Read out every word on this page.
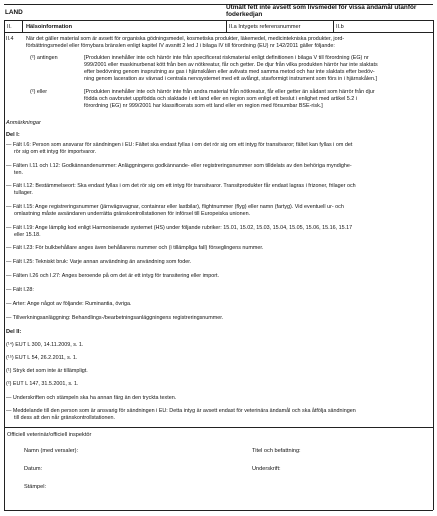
LAND
Utmält fett inte avsett som livsmedel för vissa ändamål utanför
foderkedjan
II.	Hälsoinformation	II.a Intygets referensnummer	II.b
II.4 När det gäller material som är avsett för organiska gödningsmedel, kosmetiska produkter, läkemedel, medicintekniska produkter, jord-
förbättringsmedel eller förnybara bränslen enligt kapitel IV avsnitt 2 led J i bilaga IV till förordning (EU) nr 142/2011 gäller följande:
(²) antingen	[Produkten innehåller inte och härrör inte från specificerat riskmaterial enligt definitionen i bilaga V till förordning (EG) nr
999/2001 eller maskinurbenat kött från ben av nötkreatur, får och getter. De djur från vilka produkten härrör har inte slaktats
efter bedövning genom insprutning av gas i hjärnskålen eller avlivats med samma metod och har inte slaktats efter bedöv-
ning genom laceration av vävnad i centrala nervsystemet med ett avlångt, stavformigt instrument som förs in i hjärnskålen.]
(²) eller	[Produkten innehåller inte och härrör inte från andra material från nötkreatur, får eller getter än sådant som härrör från djur
födda och oavbrutet uppfödda och slaktade i ett land eller en region som enligt ett beslut i enlighet med artikel 5.2 i
förordning (EG) nr 999/2001 har klassificerats som ett land eller en region med försumbar BSE-risk.]
Anmärkningar
Del I:
— Fält I.6: Person som ansvarar för sändningen i EU: Fältet ska endast fyllas i om det rör sig om ett intyg för transitvaror; fältet kan fyllas i om det
rör sig om ett intyg för importvaror.
— Fälten I.11 och I.12: Godkännandenummer: Anläggningens godkännande- eller registreringsnummer som tilldelats av den behöriga myndighe-
ten.
— Fält I.12: Bestämmelseort: Ska endast fyllas i om det rör sig om ett intyg för transitvaror. Transitprodukter får endast lagras i frizoner, frilager och
tullager.
— Fält I.15: Ange registreringsnummer (järnvägsvagnar, containrar eller lastbilar), flightnummer (flyg) eller namn (fartyg). Vid eventuell ur- och
omlastning måste avsändaren underrätta gränskontrollstationen för införsel till Europeiska unionen.
— Fält I.19: Ange lämplig kod enligt Harmoniserade systemet (HS) under följande rubriker: 15.01, 15.02, 15.03, 15.04, 15.05, 15.06, 15.16, 15.17
eller 15.18.
— Fält I.23: För bulkbehållare anges även behållarens nummer och (i tillämpliga fall) förseglingens nummer.
— Fält I.25: Tekniskt bruk: Varje annan användning än användning som foder.
— Fälten I.26 och I.27: Anges beroende på om det är ett intyg för transitering eller import.
— Fält I.28:
— Arter: Ange något av följande: Ruminantia, övriga.
— Tillverkningsanläggning: Behandlings-/bearbetningsanläggningens registreringsnummer.
Del II:
(¹⁴) EUT L 300, 14.11.2009, s. 1.
(¹⁵) EUT L 54, 26.2.2011, s. 1.
(¹) Stryk det som inte är tillämpligt.
(²) EUT L 147, 31.5.2001, s. 1.
— Underskriften och stämpeln ska ha annan färg än den tryckta texten.
— Meddelande till den person som är ansvarig för sändningen i EU: Detta intyg är avsett endast för veterinära ändamål och ska åtfölja sändningen
till dess att den når gränskontrollstationen.
Officiell veterinär/officiell inspektör
Namn (med versaler):	Titel och befattning:
Datum:	Underskrift:
Stämpel:
